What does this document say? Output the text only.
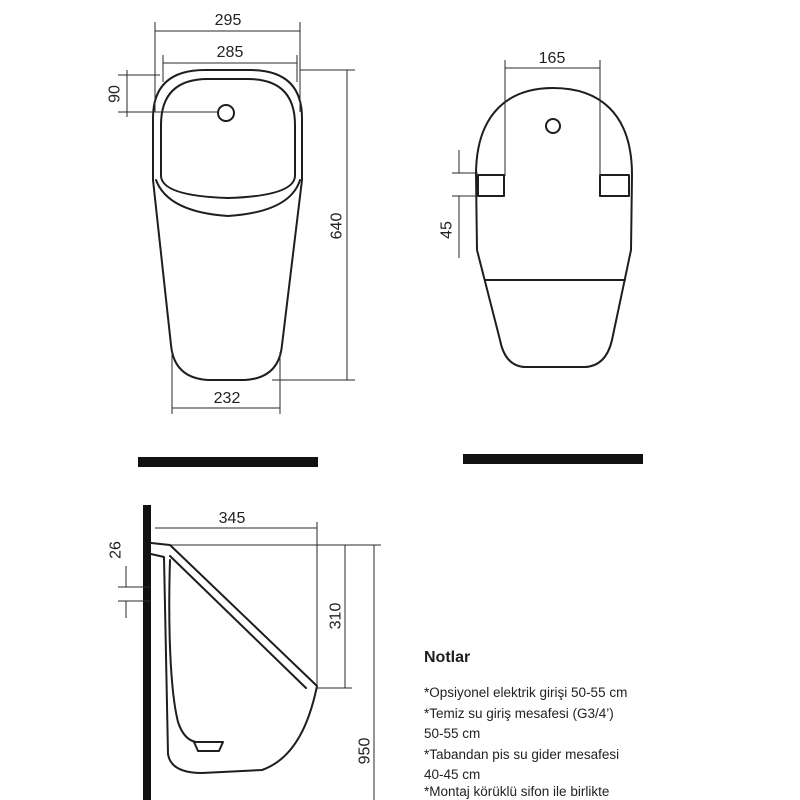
295
285
90
640
232
165
45
345
26
310
950
Notlar
*Opsiyonel elektrik girişi 50-55 cm
*Temiz su giriş mesafesi (G3/4’)
50-55 cm
*Tabandan pis su gider mesafesi
40-45 cm
*Montaj körüklü sifon ile birlikte
